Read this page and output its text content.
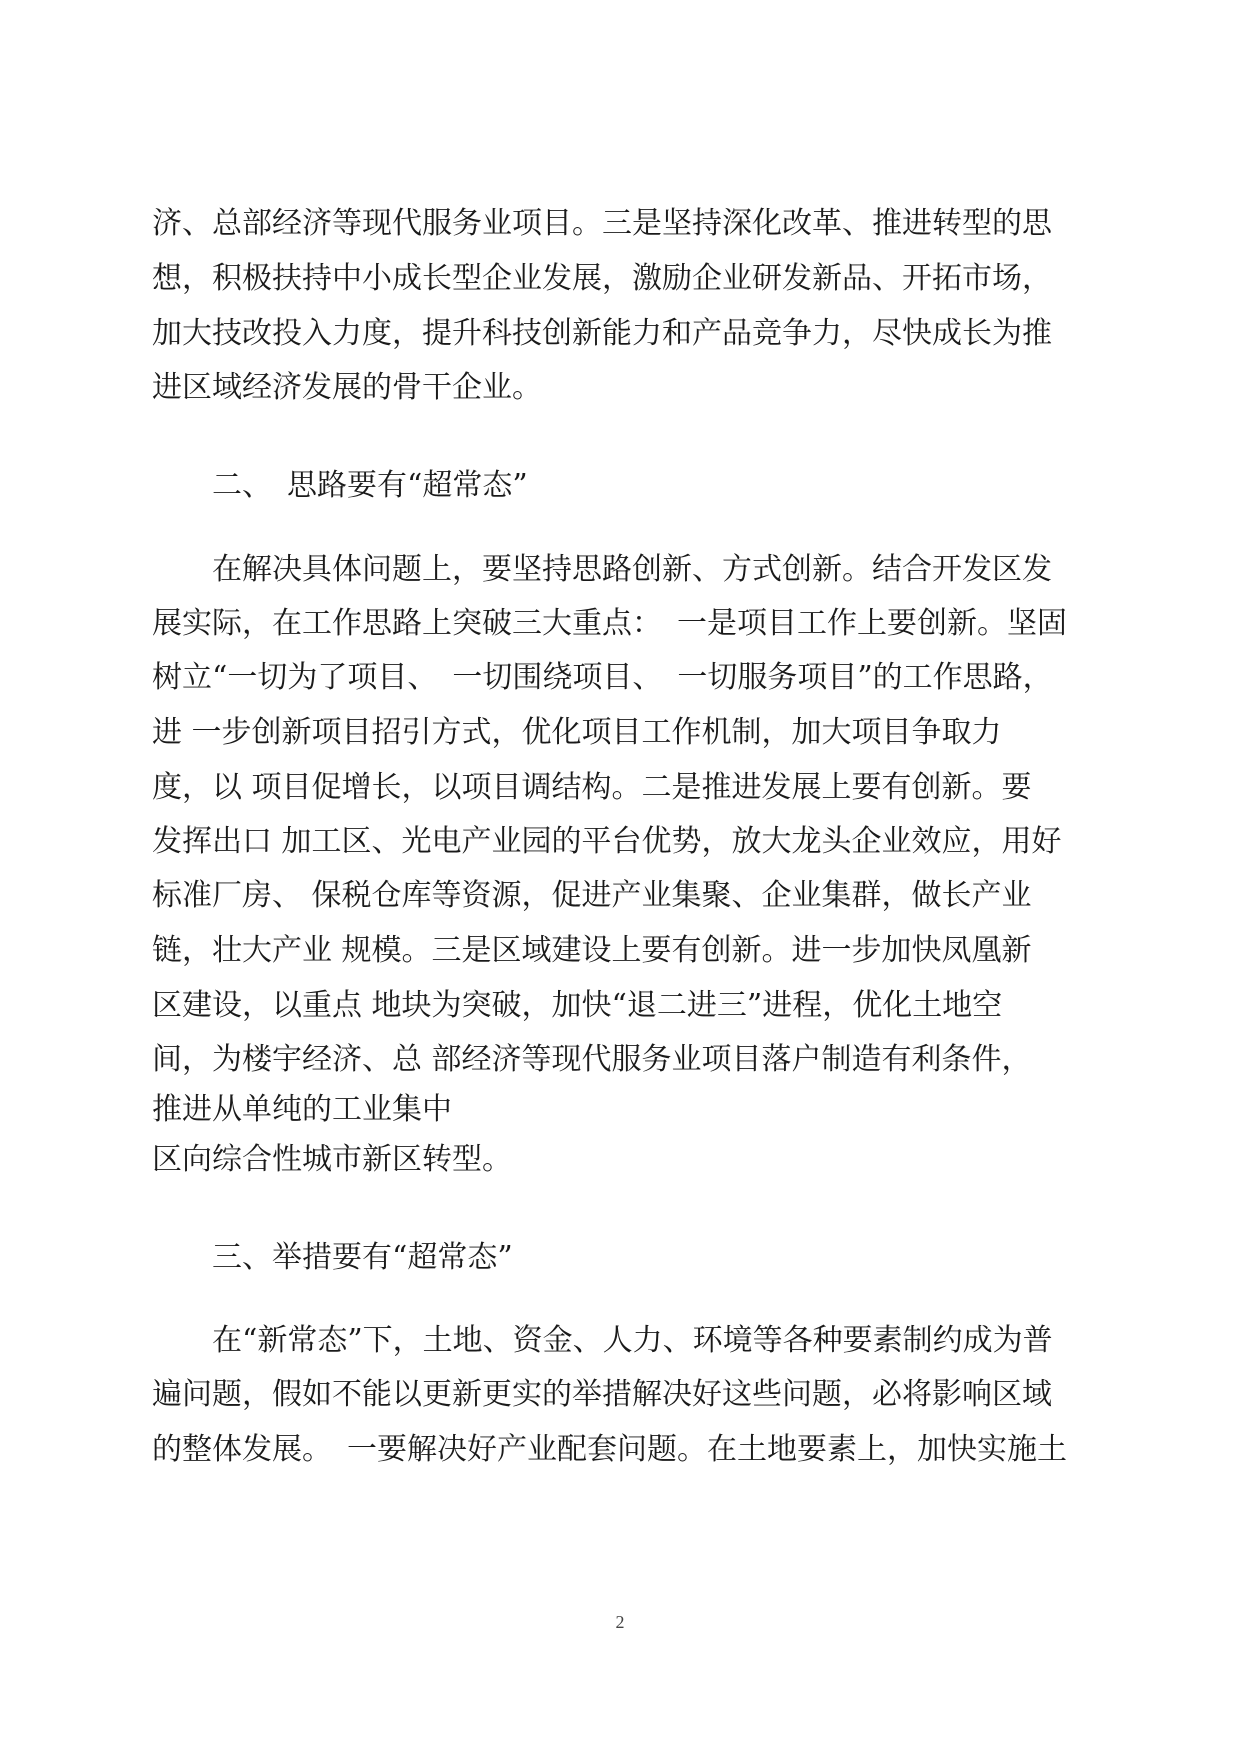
济、总部经济等现代服务业项目。三是坚持深化改革、推进转型的思
想，积极扶持中小成长型企业发展，激励企业研发新品、开拓市场，
加大技改投入力度，提升科技创新能力和产品竞争力，尽快成长为推
进区域经济发展的骨干企业。
　　二、　思路要有“超常态”
　　在解决具体问题上，要坚持思路创新、方式创新。结合开发区发
展实际，在工作思路上突破三大重点：　一是项目工作上要创新。坚固
树立“一切为了项目、　一切围绕项目、　一切服务项目”的工作思路，
进 一步创新项目招引方式，优化项目工作机制，加大项目争取力
度，以 项目促增长，以项目调结构。二是推进发展上要有创新。要
发挥出口 加工区、光电产业园的平台优势，放大龙头企业效应，用好
标准厂房、 保税仓库等资源，促进产业集聚、企业集群，做长产业
链，壮大产业 规模。三是区域建设上要有创新。进一步加快凤凰新
区建设，以重点 地块为突破，加快“退二进三”进程，优化土地空
间，为楼宇经济、总 部经济等现代服务业项目落户制造有利条件，
推进从单纯的工业集中
区向综合性城市新区转型。
　　三、举措要有“超常态”
　　在“新常态”下，土地、资金、人力、环境等各种要素制约成为普
遍问题，假如不能以更新更实的举措解决好这些问题，必将影响区域
的整体发展。　一要解决好产业配套问题。在土地要素上，加快实施土
2
